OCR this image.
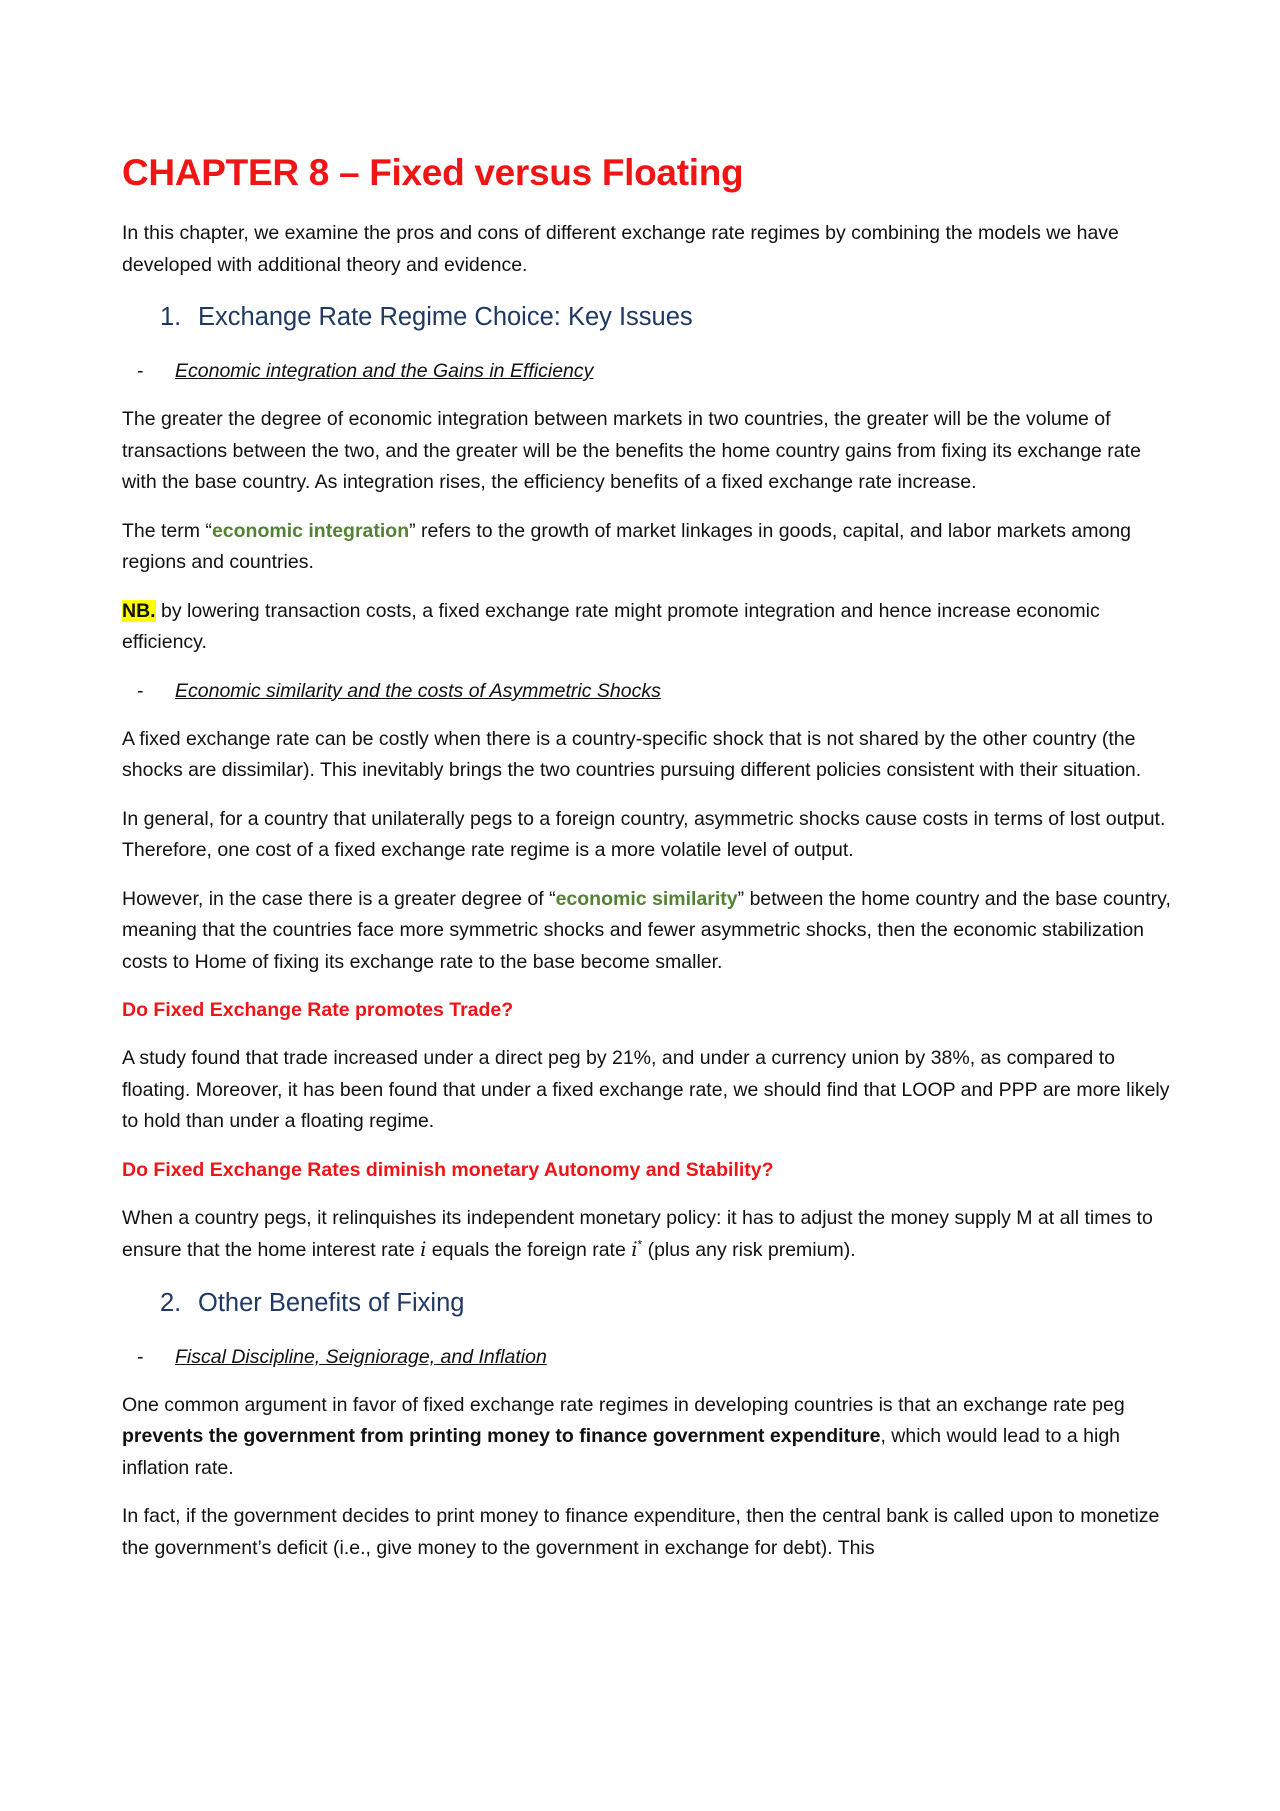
CHAPTER 8 – Fixed versus Floating

In this chapter, we examine the pros and cons of different exchange rate regimes by combining the models we have developed with additional theory and evidence.

1. Exchange Rate Regime Choice: Key Issues
- Economic integration and the Gains in Efficiency

The greater the degree of economic integration between markets in two countries, the greater will be the volume of transactions between the two, and the greater will be the benefits the home country gains from fixing its exchange rate with the base country. As integration rises, the efficiency benefits of a fixed exchange rate increase.

The term “economic integration” refers to the growth of market linkages in goods, capital, and labor markets among regions and countries.

NB. by lowering transaction costs, a fixed exchange rate might promote integration and hence increase economic efficiency.

- Economic similarity and the costs of Asymmetric Shocks

A fixed exchange rate can be costly when there is a country-specific shock that is not shared by the other country (the shocks are dissimilar). This inevitably brings the two countries pursuing different policies consistent with their situation.

In general, for a country that unilaterally pegs to a foreign country, asymmetric shocks cause costs in terms of lost output. Therefore, one cost of a fixed exchange rate regime is a more volatile level of output.

However, in the case there is a greater degree of “economic similarity” between the home country and the base country, meaning that the countries face more symmetric shocks and fewer asymmetric shocks, then the economic stabilization costs to Home of fixing its exchange rate to the base become smaller.

Do Fixed Exchange Rate promotes Trade?

A study found that trade increased under a direct peg by 21%, and under a currency union by 38%, as compared to floating. Moreover, it has been found that under a fixed exchange rate, we should find that LOOP and PPP are more likely to hold than under a floating regime.

Do Fixed Exchange Rates diminish monetary Autonomy and Stability?

When a country pegs, it relinquishes its independent monetary policy: it has to adjust the money supply M at all times to ensure that the home interest rate i equals the foreign rate i* (plus any risk premium).

2. Other Benefits of Fixing
- Fiscal Discipline, Seigniorage, and Inflation

One common argument in favor of fixed exchange rate regimes in developing countries is that an exchange rate peg prevents the government from printing money to finance government expenditure, which would lead to a high inflation rate.

In fact, if the government decides to print money to finance expenditure, then the central bank is called upon to monetize the government’s deficit (i.e., give money to the government in exchange for debt). This
